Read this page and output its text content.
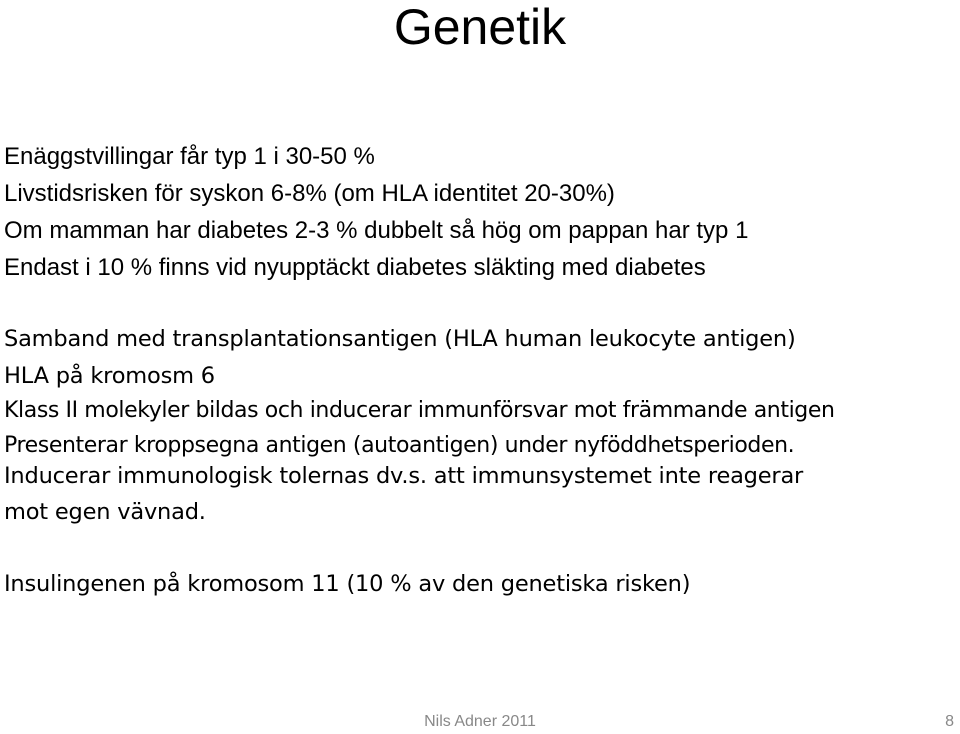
Genetik
Enäggstvillingar får typ 1 i 30-50 %
Livstidsrisken för syskon 6-8% (om HLA identitet 20-30%)
Om mamman har diabetes 2-3 % dubbelt så hög om pappan har typ 1
Endast i 10 % finns vid nyupptäckt diabetes släkting med diabetes
Samband med transplantationsantigen (HLA human leukocyte antigen)
HLA på kromosm 6
Klass II molekyler bildas och inducerar immunförsvar mot främmande antigen
Presenterar kroppsegna antigen (autoantigen) under nyföddhetsperioden.
Inducerar immunologisk tolernas dv.s. att immunsystemet inte reagerar
mot egen vävnad.
Insulingenen på kromosom 11 (10 % av den genetiska risken)
Nils Adner 2011	8
